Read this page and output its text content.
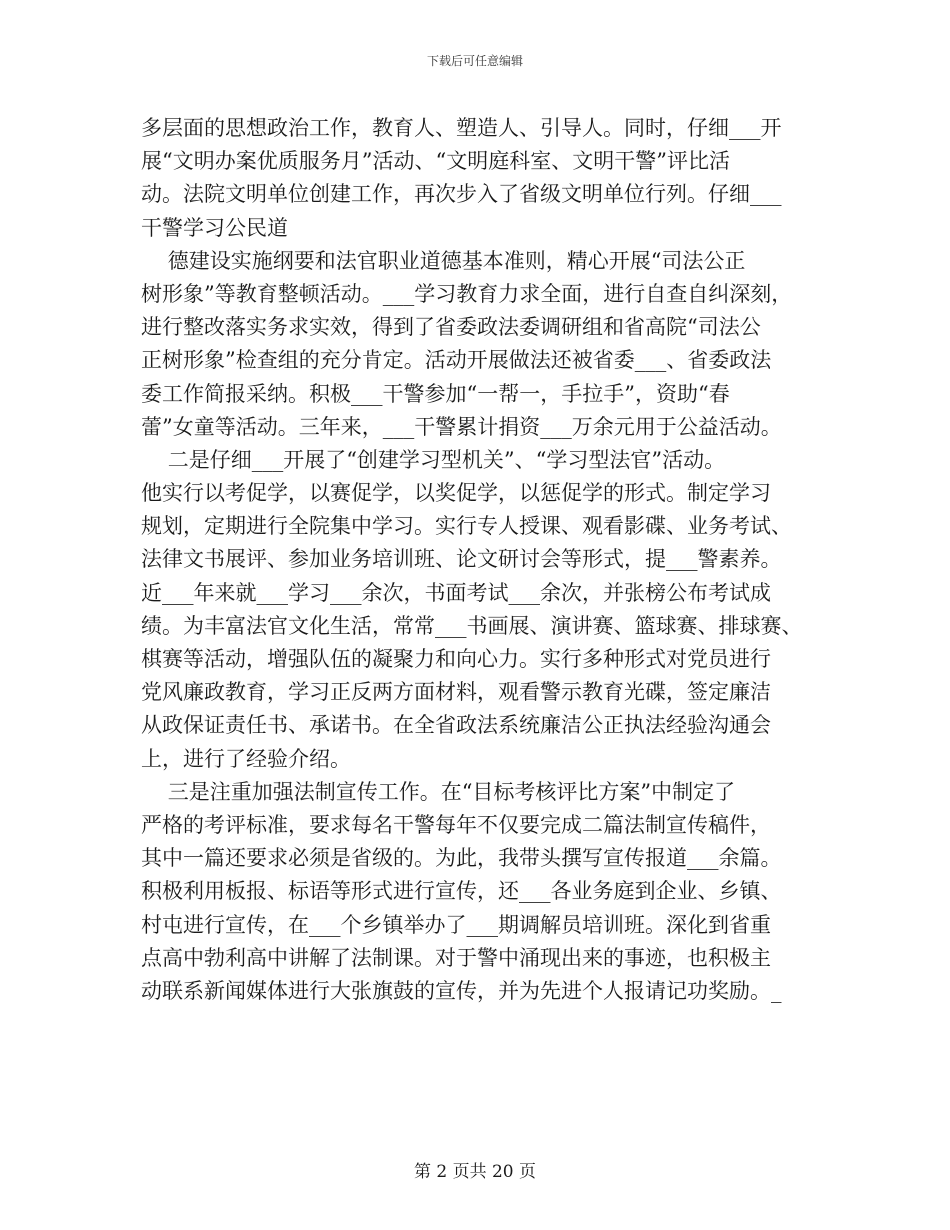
下载后可任意编辑
多层面的思想政治工作，教育人、塑造人、引导人。同时，仔细___开
展“文明办案优质服务月”活动、“文明庭科室、文明干警”评比活
动。法院文明单位创建工作，再次步入了省级文明单位行列。仔细___
干警学习公民道
德建设实施纲要和法官职业道德基本准则，精心开展“司法公正
树形象”等教育整顿活动。___学习教育力求全面，进行自查自纠深刻，
进行整改落实务求实效，得到了省委政法委调研组和省高院“司法公
正树形象”检查组的充分肯定。活动开展做法还被省委___、省委政法
委工作简报采纳。积极___干警参加“一帮一，手拉手”，资助“春
蕾”女童等活动。三年来，___干警累计捐资___万余元用于公益活动。
二是仔细___开展了“创建学习型机关”、“学习型法官”活动。
他实行以考促学，以赛促学，以奖促学，以惩促学的形式。制定学习
规划，定期进行全院集中学习。实行专人授课、观看影碟、业务考试、
法律文书展评、参加业务培训班、论文研讨会等形式，提___警素养。
近___年来就___学习___余次，书面考试___余次，并张榜公布考试成
绩。为丰富法官文化生活，常常___书画展、演讲赛、篮球赛、排球赛、
棋赛等活动，增强队伍的凝聚力和向心力。实行多种形式对党员进行
党风廉政教育，学习正反两方面材料，观看警示教育光碟，签定廉洁
从政保证责任书、承诺书。在全省政法系统廉洁公正执法经验沟通会
上，进行了经验介绍。
三是注重加强法制宣传工作。在“目标考核评比方案”中制定了
严格的考评标准，要求每名干警每年不仅要完成二篇法制宣传稿件，
其中一篇还要求必须是省级的。为此，我带头撰写宣传报道___余篇。
积极利用板报、标语等形式进行宣传，还___各业务庭到企业、乡镇、
村屯进行宣传，在___个乡镇举办了___期调解员培训班。深化到省重
点高中勃利高中讲解了法制课。对于警中涌现出来的事迹，也积极主
动联系新闻媒体进行大张旗鼓的宣传，并为先进个人报请记功奖励。_
第 2 页共 20 页
